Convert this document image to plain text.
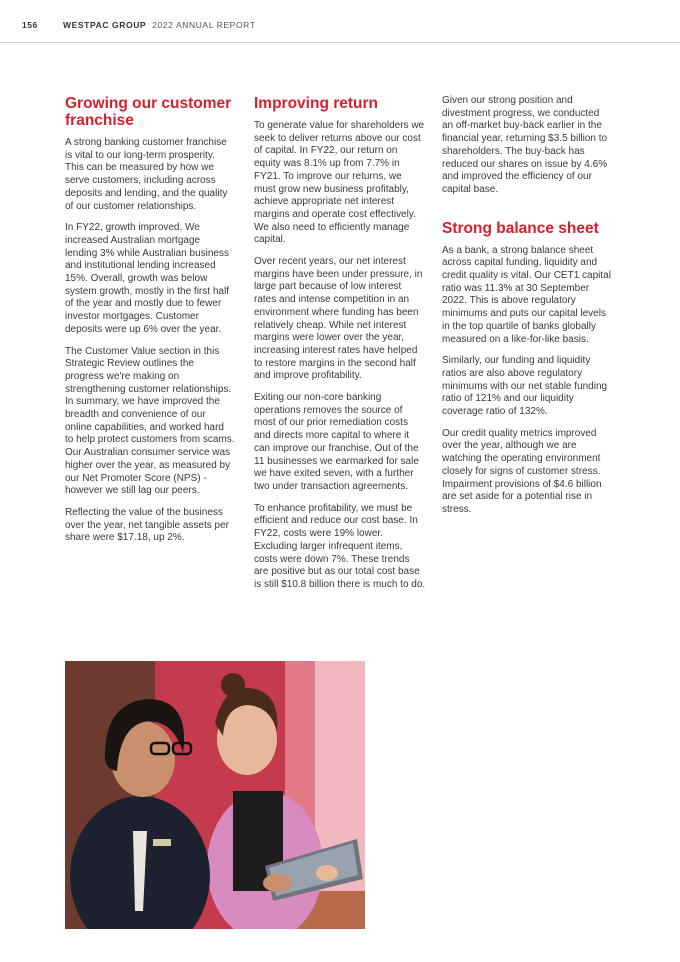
156	WESTPAC GROUP 2022 ANNUAL REPORT
Growing our customer franchise

A strong banking customer franchise is vital to our long-term prosperity. This can be measured by how we serve customers, including across deposits and lending, and the quality of our customer relationships.

In FY22, growth improved. We increased Australian mortgage lending 3% while Australian business and institutional lending increased 15%. Overall, growth was below system growth, mostly in the first half of the year and mostly due to fewer investor mortgages. Customer deposits were up 6% over the year.

The Customer Value section in this Strategic Review outlines the progress we're making on strengthening customer relationships. In summary, we have improved the breadth and convenience of our online capabilities, and worked hard to help protect customers from scams. Our Australian consumer service was higher over the year, as measured by our Net Promoter Score (NPS) - however we still lag our peers.

Reflecting the value of the business over the year, net tangible assets per share were $17.18, up 2%.

Improving return

To generate value for shareholders we seek to deliver returns above our cost of capital. In FY22, our return on equity was 8.1% up from 7.7% in FY21. To improve our returns, we must grow new business profitably, achieve appropriate net interest margins and operate cost effectively. We also need to efficiently manage capital.

Over recent years, our net interest margins have been under pressure, in large part because of low interest rates and intense competition in an environment where funding has been relatively cheap. While net interest margins were lower over the year, increasing interest rates have helped to restore margins in the second half and improve profitability.

Exiting our non-core banking operations removes the source of most of our prior remediation costs and directs more capital to where it can improve our franchise. Out of the 11 businesses we earmarked for sale we have exited seven, with a further two under transaction agreements.

To enhance profitability, we must be efficient and reduce our cost base. In FY22, costs were 19% lower. Excluding larger infrequent items, costs were down 7%. These trends are positive but as our total cost base is still $10.8 billion there is much to do.

Given our strong position and divestment progress, we conducted an off-market buy-back earlier in the financial year, returning $3.5 billion to shareholders. The buy-back has reduced our shares on issue by 4.6% and improved the efficiency of our capital base.

Strong balance sheet

As a bank, a strong balance sheet across capital funding, liquidity and credit quality is vital. Our CET1 capital ratio was 11.3% at 30 September 2022. This is above regulatory minimums and puts our capital levels in the top quartile of banks globally measured on a like-for-like basis.

Similarly, our funding and liquidity ratios are also above regulatory minimums with our net stable funding ratio of 121% and our liquidity coverage ratio of 132%.

Our credit quality metrics improved over the year, although we are watching the operating environment closely for signs of customer stress. Impairment provisions of $4.6 billion are set aside for a potential rise in stress.
